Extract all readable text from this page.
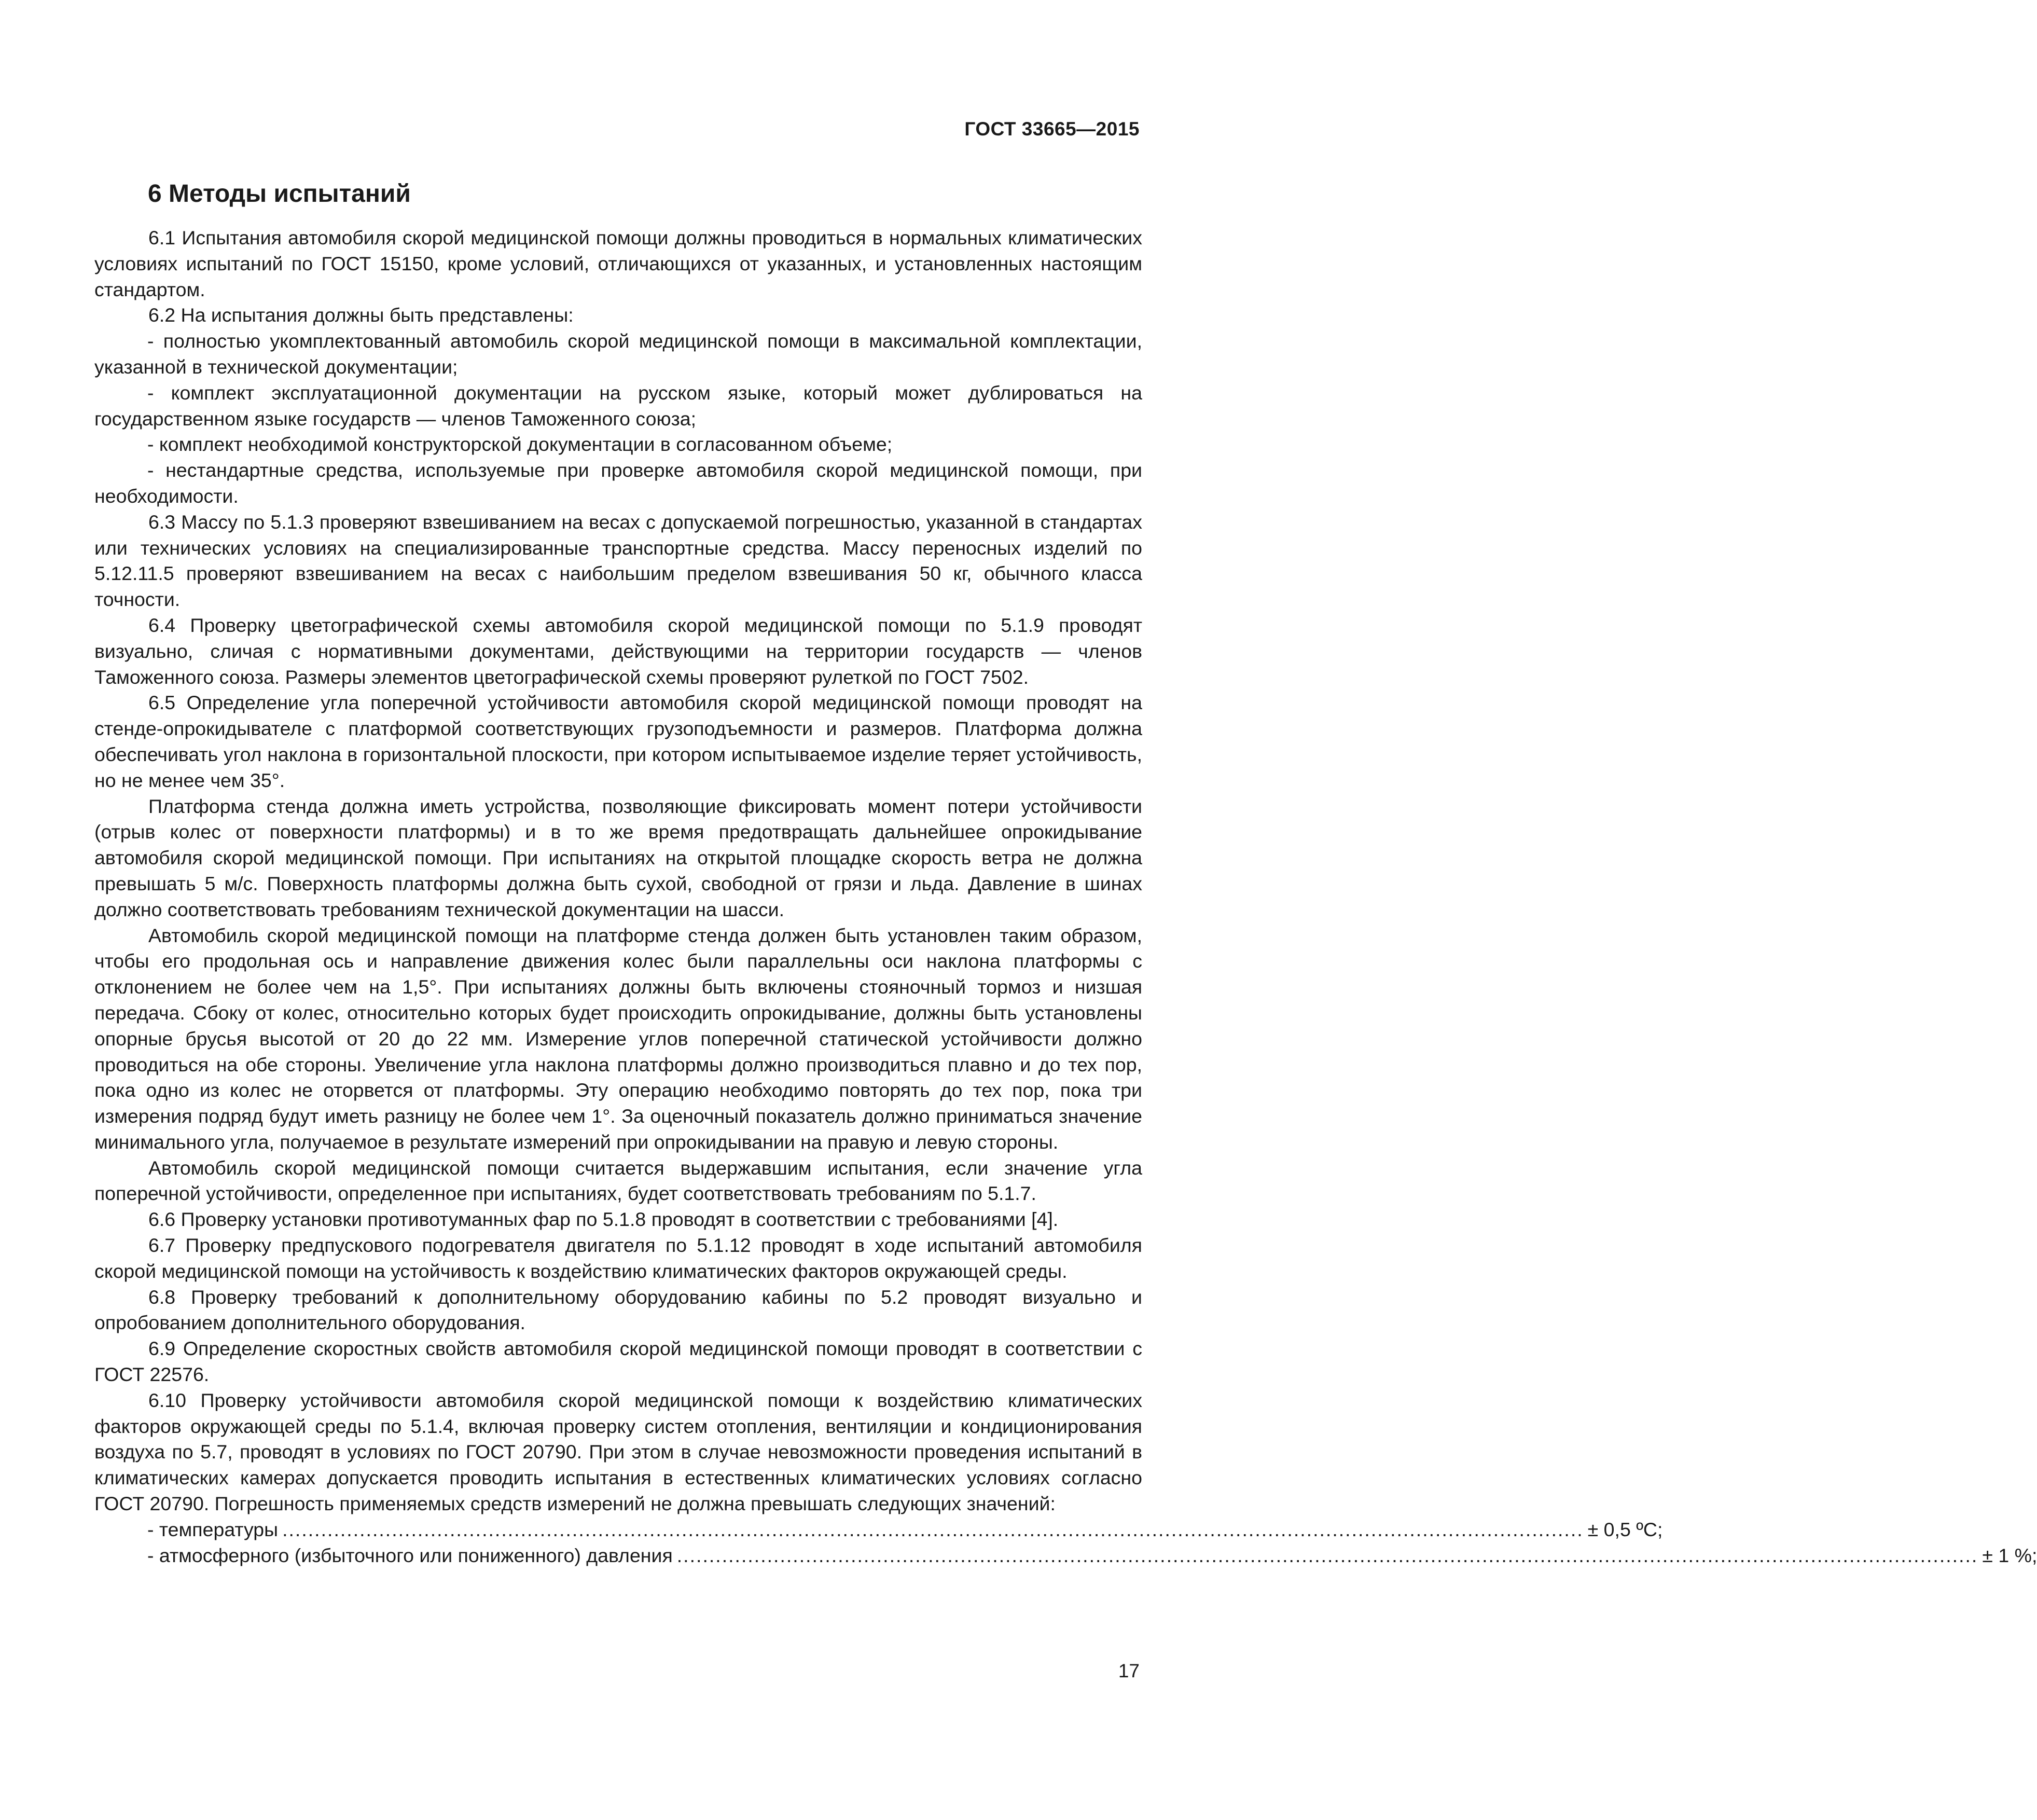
ГОСТ 33665—2015
6 Методы испытаний

6.1 Испытания автомобиля скорой медицинской помощи должны проводиться в нормальных климатических условиях испытаний по ГОСТ 15150, кроме условий, отличающихся от указанных, и установленных настоящим стандартом.

6.2 На испытания должны быть представлены:

- полностью укомплектованный автомобиль скорой медицинской помощи в максимальной комплектации, указанной в технической документации;

- комплект эксплуатационной документации на русском языке, который может дублироваться на государственном языке государств — членов Таможенного союза;

- комплект необходимой конструкторской документации в согласованном объеме;

- нестандартные средства, используемые при проверке автомобиля скорой медицинской помощи, при необходимости.

6.3 Массу по 5.1.3 проверяют взвешиванием на весах с допускаемой погрешностью, указанной в стандартах или технических условиях на специализированные транспортные средства. Массу переносных изделий по 5.12.11.5 проверяют взвешиванием на весах с наибольшим пределом взвешивания 50 кг, обычного класса точности.

6.4 Проверку цветографической схемы автомобиля скорой медицинской помощи по 5.1.9 проводят визуально, сличая с нормативными документами, действующими на территории государств — членов Таможенного союза. Размеры элементов цветографической схемы проверяют рулеткой по ГОСТ 7502.

6.5 Определение угла поперечной устойчивости автомобиля скорой медицинской помощи проводят на стенде-опрокидывателе с платформой соответствующих грузоподъемности и размеров. Платформа должна обеспечивать угол наклона в горизонтальной плоскости, при котором испытываемое изделие теряет устойчивость, но не менее чем 35°.

Платформа стенда должна иметь устройства, позволяющие фиксировать момент потери устойчивости (отрыв колес от поверхности платформы) и в то же время предотвращать дальнейшее опрокидывание автомобиля скорой медицинской помощи. При испытаниях на открытой площадке скорость ветра не должна превышать 5 м/с. Поверхность платформы должна быть сухой, свободной от грязи и льда. Давление в шинах должно соответствовать требованиям технической документации на шасси.

Автомобиль скорой медицинской помощи на платформе стенда должен быть установлен таким образом, чтобы его продольная ось и направление движения колес были параллельны оси наклона платформы с отклонением не более чем на 1,5°. При испытаниях должны быть включены стояночный тормоз и низшая передача. Сбоку от колес, относительно которых будет происходить опрокидывание, должны быть установлены опорные брусья высотой от 20 до 22 мм. Измерение углов поперечной статической устойчивости должно проводиться на обе стороны. Увеличение угла наклона платформы должно производиться плавно и до тех пор, пока одно из колес не оторвется от платформы. Эту операцию необходимо повторять до тех пор, пока три измерения подряд будут иметь разницу не более чем 1°. За оценочный показатель должно приниматься значение минимального угла, получаемое в результате измерений при опрокидывании на правую и левую стороны.

Автомобиль скорой медицинской помощи считается выдержавшим испытания, если значение угла поперечной устойчивости, определенное при испытаниях, будет соответствовать требованиям по 5.1.7.

6.6 Проверку установки противотуманных фар по 5.1.8 проводят в соответствии с требованиями [4].

6.7 Проверку предпускового подогревателя двигателя по 5.1.12 проводят в ходе испытаний автомобиля скорой медицинской помощи на устойчивость к воздействию климатических факторов окружающей среды.

6.8 Проверку требований к дополнительному оборудованию кабины по 5.2 проводят визуально и опробованием дополнительного оборудования.

6.9 Определение скоростных свойств автомобиля скорой медицинской помощи проводят в соответствии с ГОСТ 22576.

6.10 Проверку устойчивости автомобиля скорой медицинской помощи к воздействию климатических факторов окружающей среды по 5.1.4, включая проверку систем отопления, вентиляции и кондиционирования воздуха по 5.7, проводят в условиях по ГОСТ 20790. При этом в случае невозможности проведения испытаний в климатических камерах допускается проводить испытания в естественных климатических условиях согласно ГОСТ 20790. Погрешность применяемых средств измерений не должна превышать следующих значений:

- температуры .......................................................................................................................................................................................................... ± 0,5 ºС;
- атмосферного (избыточного или пониженного) давления .......................................................................................................................................................................................................... ± 1 %;
17
